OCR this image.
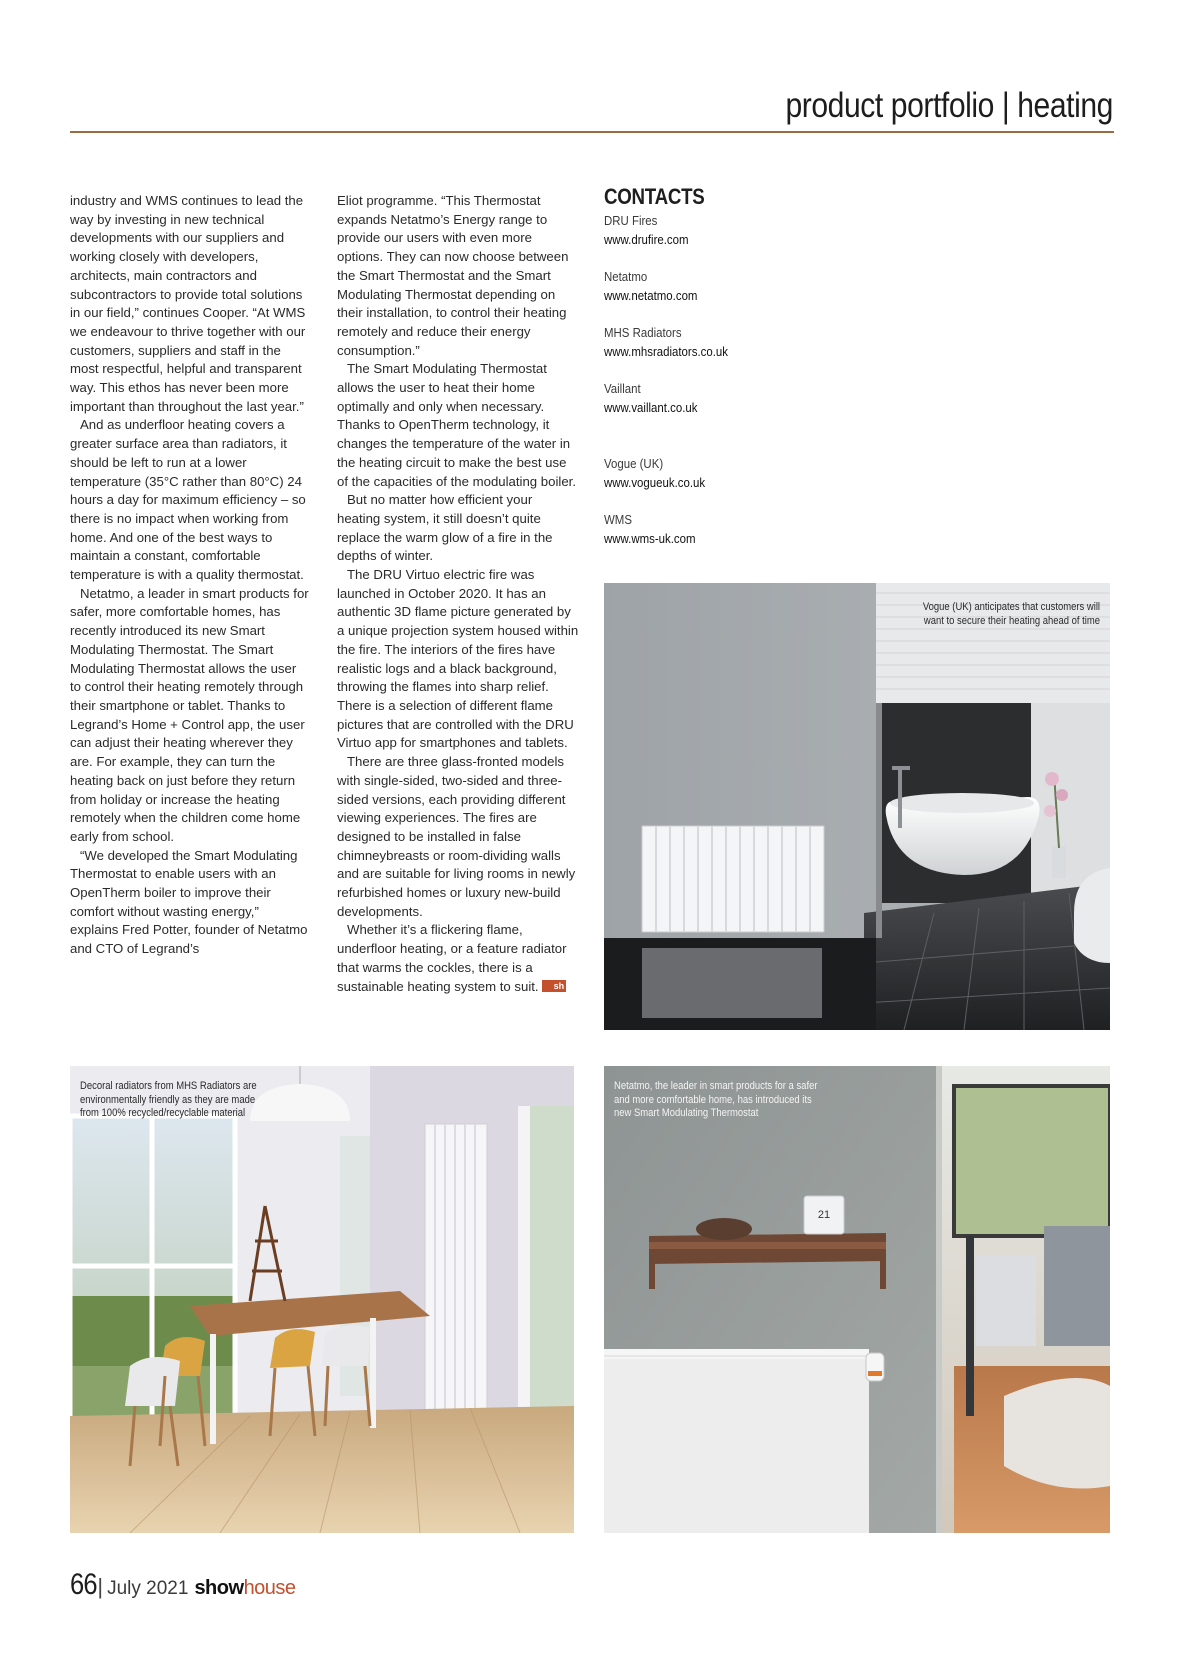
product portfolio | heating

industry and WMS continues to lead the way by investing in new technical developments with our suppliers and working closely with developers, architects, main contractors and subcontractors to provide total solutions in our field,” continues Cooper. “At WMS we endeavour to thrive together with our customers, suppliers and staff in the most respectful, helpful and transparent way. This ethos has never been more important than throughout the last year.”

And as underfloor heating covers a greater surface area than radiators, it should be left to run at a lower temperature (35°C rather than 80°C) 24 hours a day for maximum efficiency – so there is no impact when working from home. And one of the best ways to maintain a constant, comfortable temperature is with a quality thermostat.

Netatmo, a leader in smart products for safer, more comfortable homes, has recently introduced its new Smart Modulating Thermostat. The Smart Modulating Thermostat allows the user to control their heating remotely through their smartphone or tablet. Thanks to Legrand’s Home + Control app, the user can adjust their heating wherever they are. For example, they can turn the heating back on just before they return from holiday or increase the heating remotely when the children come home early from school.

“We developed the Smart Modulating Thermostat to enable users with an OpenTherm boiler to improve their comfort without wasting energy,” explains Fred Potter, founder of Netatmo and CTO of Legrand’s

Eliot programme. “This Thermostat expands Netatmo’s Energy range to provide our users with even more options. They can now choose between the Smart Thermostat and the Smart Modulating Thermostat depending on their installation, to control their heating remotely and reduce their energy consumption.”

The Smart Modulating Thermostat allows the user to heat their home optimally and only when necessary. Thanks to OpenTherm technology, it changes the temperature of the water in the heating circuit to make the best use of the capacities of the modulating boiler.

But no matter how efficient your heating system, it still doesn’t quite replace the warm glow of a fire in the depths of winter.

The DRU Virtuo electric fire was launched in October 2020. It has an authentic 3D flame picture generated by a unique projection system housed within the fire. The interiors of the fires have realistic logs and a black background, throwing the flames into sharp relief. There is a selection of different flame pictures that are controlled with the DRU Virtuo app for smartphones and tablets.

There are three glass-fronted models with single-sided, two-sided and three-sided versions, each providing different viewing experiences. The fires are designed to be installed in false chimneybreasts or room-dividing walls and are suitable for living rooms in newly refurbished homes or luxury new-build developments.

Whether it’s a flickering flame, underfloor heating, or a feature radiator that warms the cockles, there is a sustainable heating system to suit. sh

CONTACTS
DRU Fires
www.drufire.com
Netatmo
www.netatmo.com
MHS Radiators
www.mhsradiators.co.uk
Vaillant
www.vaillant.co.uk
Vogue (UK)
www.vogueuk.co.uk
WMS
www.wms-uk.com
Vogue (UK) anticipates that customers will
want to secure their heating ahead of time
Decoral radiators from MHS Radiators are
environmentally friendly as they are made
from 100% recycled/recyclable material
21
Netatmo, the leader in smart products for a safer
and more comfortable home, has introduced its
new Smart Modulating Thermostat
66| July 2021 showhouse
